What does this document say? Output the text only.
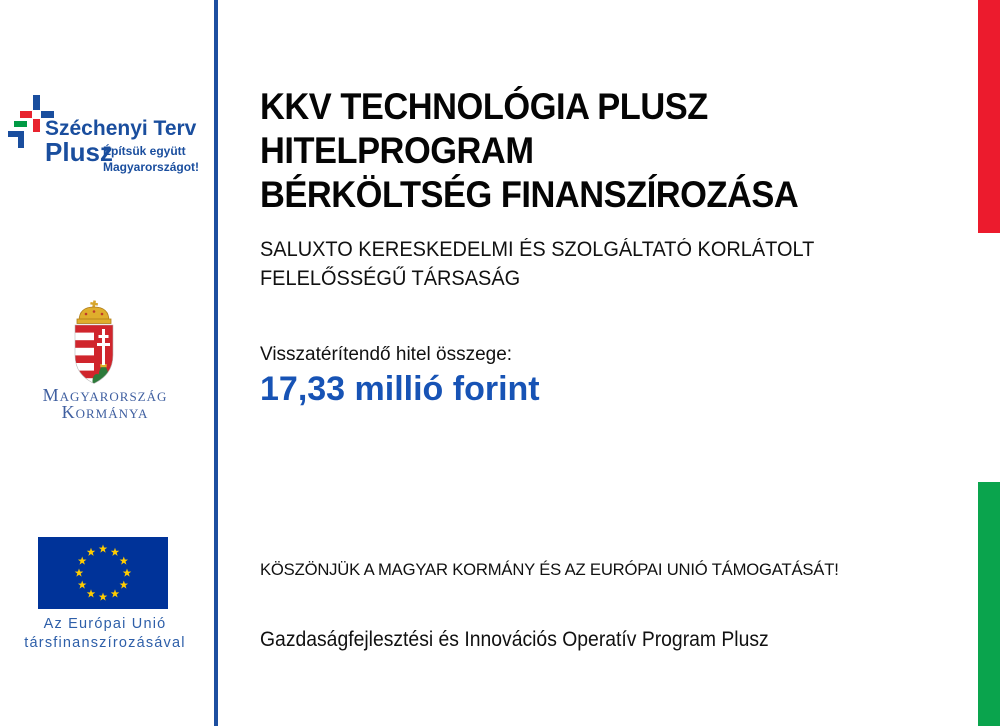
Széchenyi Terv
Plusz
Építsük együtt
Magyarországot!
Magyarország
Kormánya
Az Európai Unió
társfinanszírozásával
KKV TECHNOLÓGIA PLUSZ
HITELPROGRAM
BÉRKÖLTSÉG FINANSZÍROZÁSA
SALUXTO KERESKEDELMI ÉS SZOLGÁLTATÓ KORLÁTOLT
FELELŐSSÉGŰ TÁRSASÁG
Visszatérítendő hitel összege:
17,33 millió forint
KÖSZÖNJÜK A MAGYAR KORMÁNY ÉS AZ EURÓPAI UNIÓ TÁMOGATÁSÁT!
Gazdaságfejlesztési és Innovációs Operatív Program Plusz
